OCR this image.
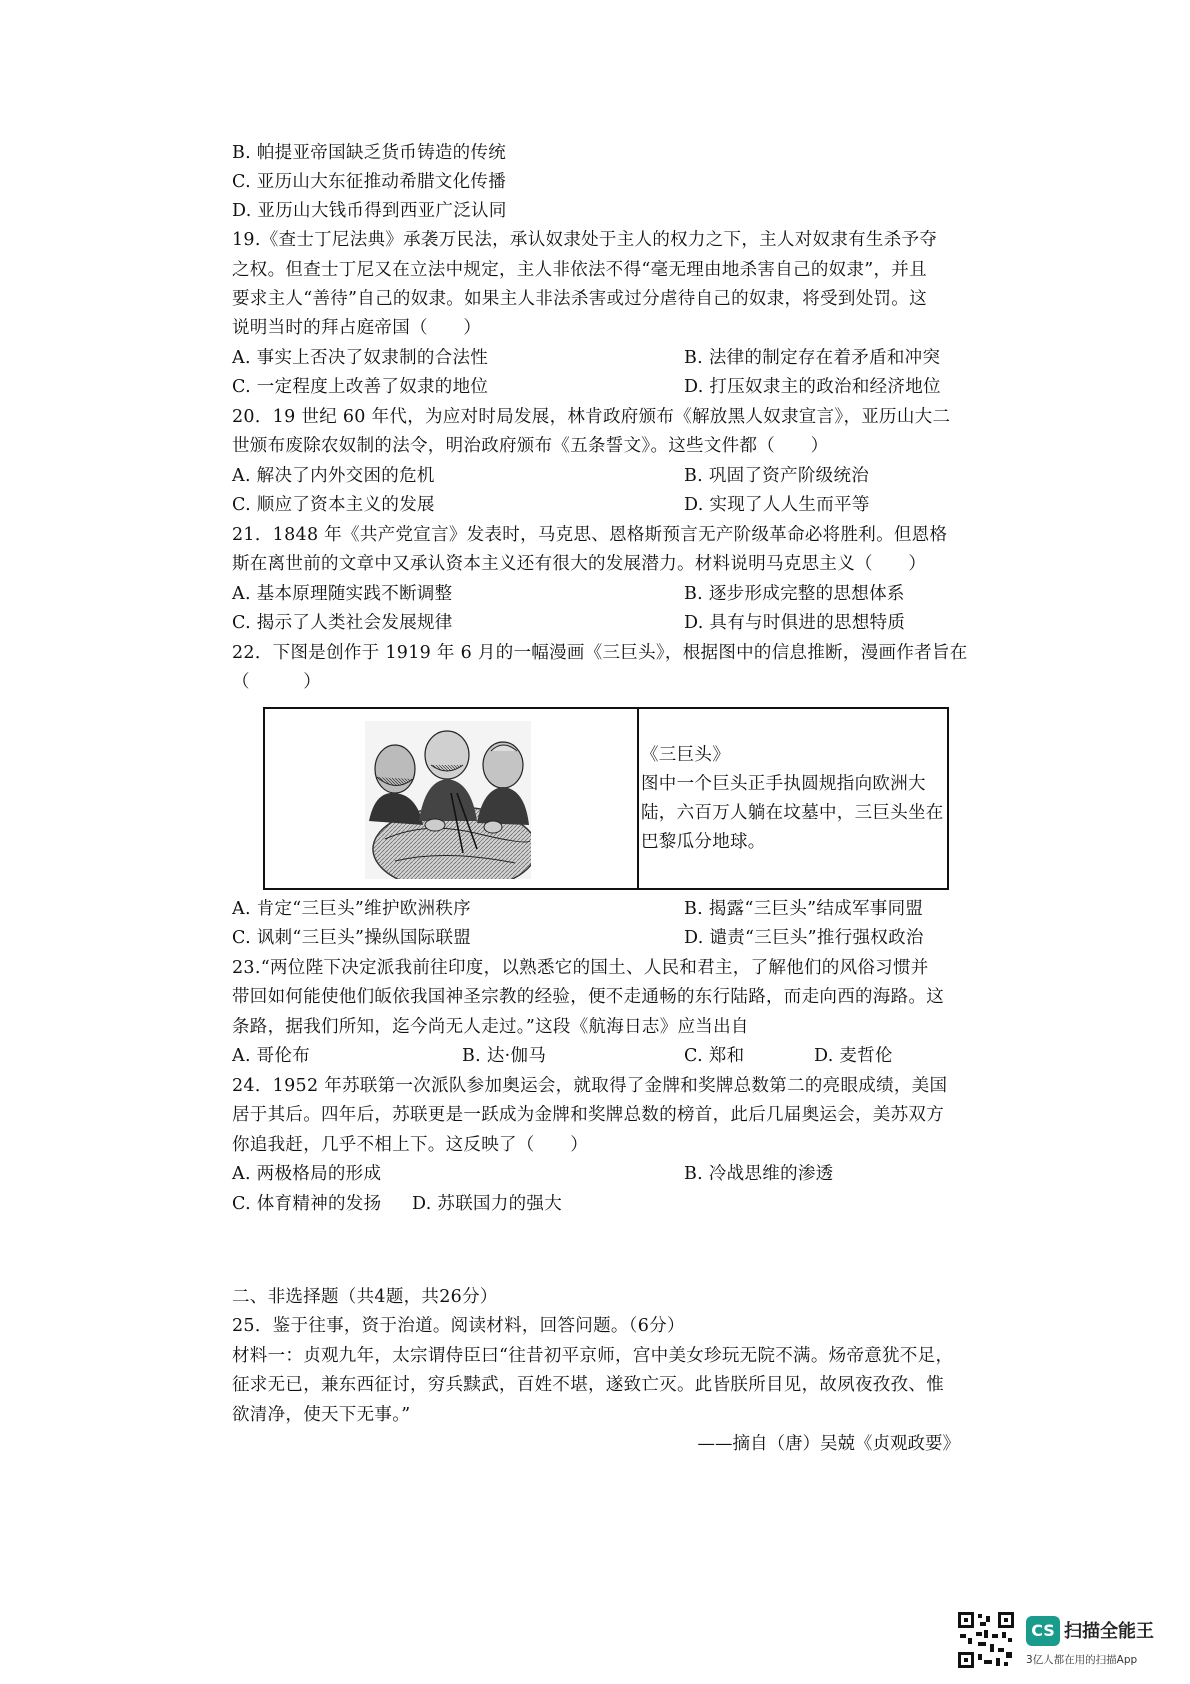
B. 帕提亚帝国缺乏货币铸造的传统
C. 亚历山大东征推动希腊文化传播
D. 亚历山大钱币得到西亚广泛认同
19.《查士丁尼法典》承袭万民法，承认奴隶处于主人的权力之下，主人对奴隶有生杀予夺
之权。但查士丁尼又在立法中规定，主人非依法不得“毫无理由地杀害自己的奴隶”，并且
要求主人“善待”自己的奴隶。如果主人非法杀害或过分虐待自己的奴隶，将受到处罚。这
说明当时的拜占庭帝国（　　）
A. 事实上否决了奴隶制的合法性	B. 法律的制定存在着矛盾和冲突
C. 一定程度上改善了奴隶的地位	D. 打压奴隶主的政治和经济地位
20．19 世纪 60 年代，为应对时局发展，林肯政府颁布《解放黑人奴隶宣言》，亚历山大二
世颁布废除农奴制的法令，明治政府颁布《五条誓文》。这些文件都（　　）
A. 解决了内外交困的危机	B. 巩固了资产阶级统治
C. 顺应了资本主义的发展	D. 实现了人人生而平等
21．1848 年《共产党宣言》发表时，马克思、恩格斯预言无产阶级革命必将胜利。但恩格
斯在离世前的文章中又承认资本主义还有很大的发展潜力。材料说明马克思主义（　　）
A. 基本原理随实践不断调整	B. 逐步形成完整的思想体系
C. 揭示了人类社会发展规律	D. 具有与时俱进的思想特质
22．下图是创作于 1919 年 6 月的一幅漫画《三巨头》，根据图中的信息推断，漫画作者旨在
（　　　）
《三巨头》
图中一个巨头正手执圆规指向欧洲大
陆，六百万人躺在坟墓中，三巨头坐在
巴黎瓜分地球。
A. 肯定“三巨头”维护欧洲秩序	B. 揭露“三巨头”结成军事同盟
C. 讽刺“三巨头”操纵国际联盟	D. 谴责“三巨头”推行强权政治
23.“两位陛下决定派我前往印度，以熟悉它的国土、人民和君主，了解他们的风俗习惯并
带回如何能使他们皈依我国神圣宗教的经验，便不走通畅的东行陆路，而走向西的海路。这
条路，据我们所知，迄今尚无人走过。”这段《航海日志》应当出自
A. 哥伦布	B. 达·伽马	C. 郑和	D. 麦哲伦
24．1952 年苏联第一次派队参加奥运会，就取得了金牌和奖牌总数第二的亮眼成绩，美国
居于其后。四年后，苏联更是一跃成为金牌和奖牌总数的榜首，此后几届奥运会，美苏双方
你追我赶，几乎不相上下。这反映了（　　）
A. 两极格局的形成	B. 冷战思维的渗透
C. 体育精神的发扬 D. 苏联国力的强大
二、非选择题（共4题，共26分）
25．鉴于往事，资于治道。阅读材料，回答问题。（6分）
材料一：贞观九年，太宗谓侍臣曰“往昔初平京师，宫中美女珍玩无院不满。炀帝意犹不足，
征求无已，兼东西征讨，穷兵黩武，百姓不堪，遂致亡灭。此皆朕所目见，故夙夜孜孜、惟
欲清净，使天下无事。”
——摘自（唐）吴兢《贞观政要》
CS 扫描全能王
3亿人都在用的扫描App
